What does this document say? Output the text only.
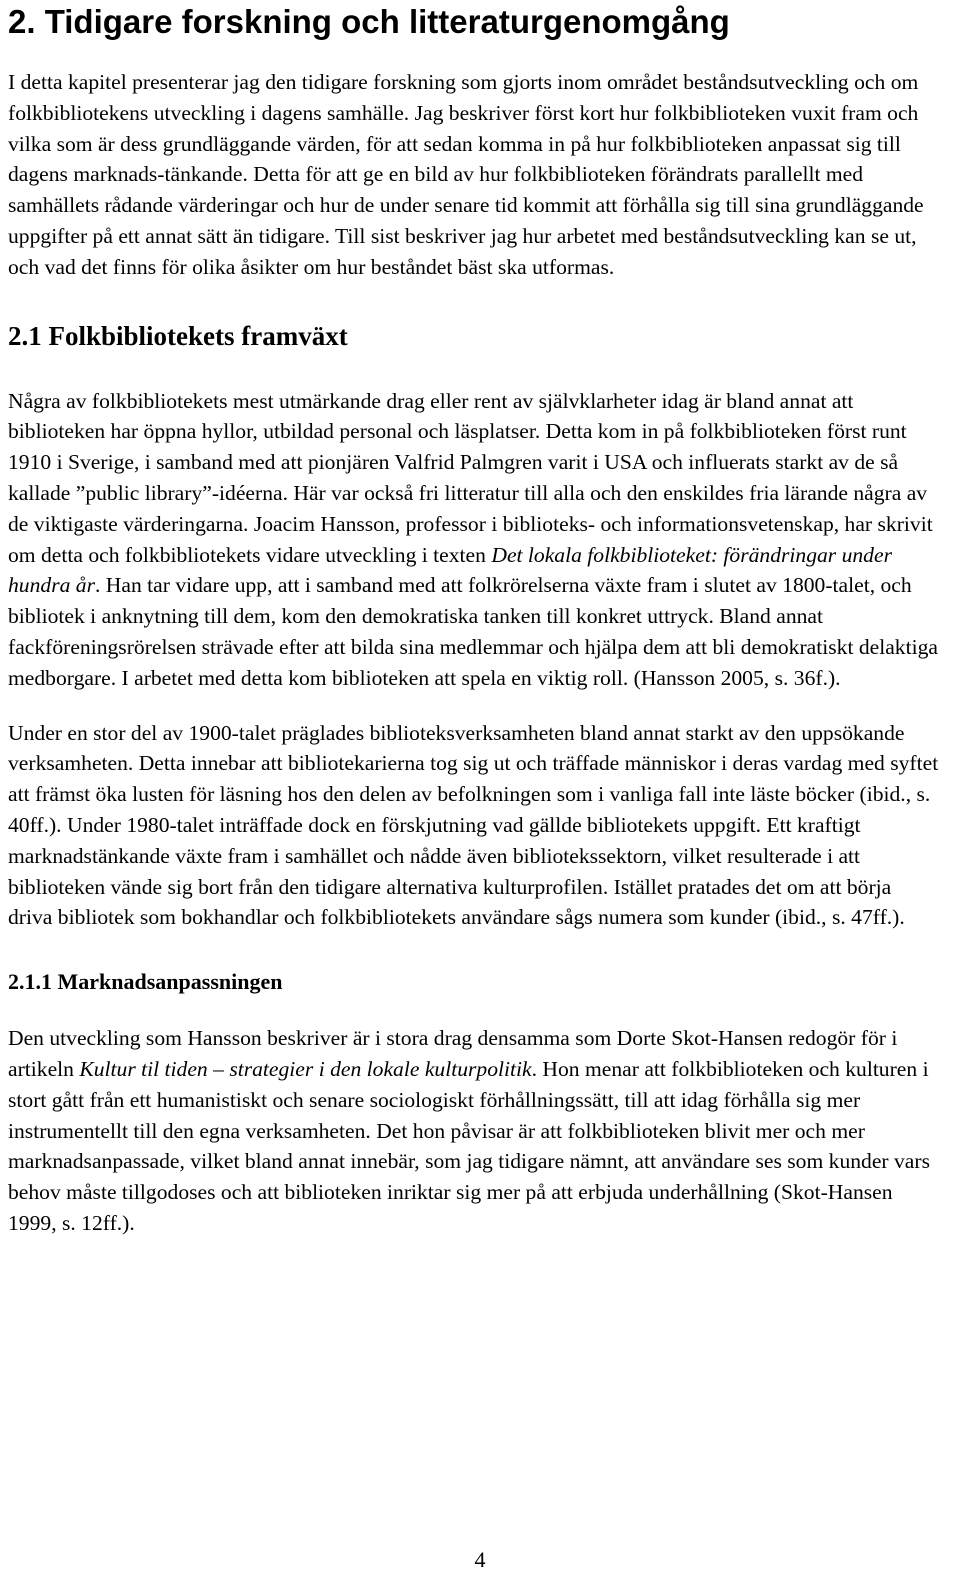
2. Tidigare forskning och litteraturgenomgång

I detta kapitel presenterar jag den tidigare forskning som gjorts inom området beståndsutveckling och om folkbibliotekens utveckling i dagens samhälle. Jag beskriver först kort hur folkbiblioteken vuxit fram och vilka som är dess grundläggande värden, för att sedan komma in på hur folkbiblioteken anpassat sig till dagens marknads-tänkande. Detta för att ge en bild av hur folkbiblioteken förändrats parallellt med samhällets rådande värderingar och hur de under senare tid kommit att förhålla sig till sina grundläggande uppgifter på ett annat sätt än tidigare. Till sist beskriver jag hur arbetet med beståndsutveckling kan se ut, och vad det finns för olika åsikter om hur beståndet bäst ska utformas.

2.1 Folkbibliotekets framväxt

Några av folkbibliotekets mest utmärkande drag eller rent av självklarheter idag är bland annat att biblioteken har öppna hyllor, utbildad personal och läsplatser. Detta kom in på folkbiblioteken först runt 1910 i Sverige, i samband med att pionjären Valfrid Palmgren varit i USA och influerats starkt av de så kallade ”public library”-idéerna. Här var också fri litteratur till alla och den enskildes fria lärande några av de viktigaste värderingarna. Joacim Hansson, professor i biblioteks- och informationsvetenskap, har skrivit om detta och folkbibliotekets vidare utveckling i texten Det lokala folkbiblioteket: förändringar under hundra år. Han tar vidare upp, att i samband med att folkrörelserna växte fram i slutet av 1800-talet, och bibliotek i anknytning till dem, kom den demokratiska tanken till konkret uttryck. Bland annat fackföreningsrörelsen strävade efter att bilda sina medlemmar och hjälpa dem att bli demokratiskt delaktiga medborgare. I arbetet med detta kom biblioteken att spela en viktig roll. (Hansson 2005, s. 36f.).

Under en stor del av 1900-talet präglades biblioteksverksamheten bland annat starkt av den uppsökande verksamheten. Detta innebar att bibliotekarierna tog sig ut och träffade människor i deras vardag med syftet att främst öka lusten för läsning hos den delen av befolkningen som i vanliga fall inte läste böcker (ibid., s. 40ff.). Under 1980-talet inträffade dock en förskjutning vad gällde bibliotekets uppgift. Ett kraftigt marknadstänkande växte fram i samhället och nådde även bibliotekssektorn, vilket resulterade i att biblioteken vände sig bort från den tidigare alternativa kulturprofilen. Istället pratades det om att börja driva bibliotek som bokhandlar och folkbibliotekets användare sågs numera som kunder (ibid., s. 47ff.).

2.1.1 Marknadsanpassningen

Den utveckling som Hansson beskriver är i stora drag densamma som Dorte Skot-Hansen redogör för i artikeln Kultur til tiden – strategier i den lokale kulturpolitik. Hon menar att folkbiblioteken och kulturen i stort gått från ett humanistiskt och senare sociologiskt förhållningssätt, till att idag förhålla sig mer instrumentellt till den egna verksamheten. Det hon påvisar är att folkbiblioteken blivit mer och mer marknadsanpassade, vilket bland annat innebär, som jag tidigare nämnt, att användare ses som kunder vars behov måste tillgodoses och att biblioteken inriktar sig mer på att erbjuda underhållning (Skot-Hansen 1999, s. 12ff.).

4
